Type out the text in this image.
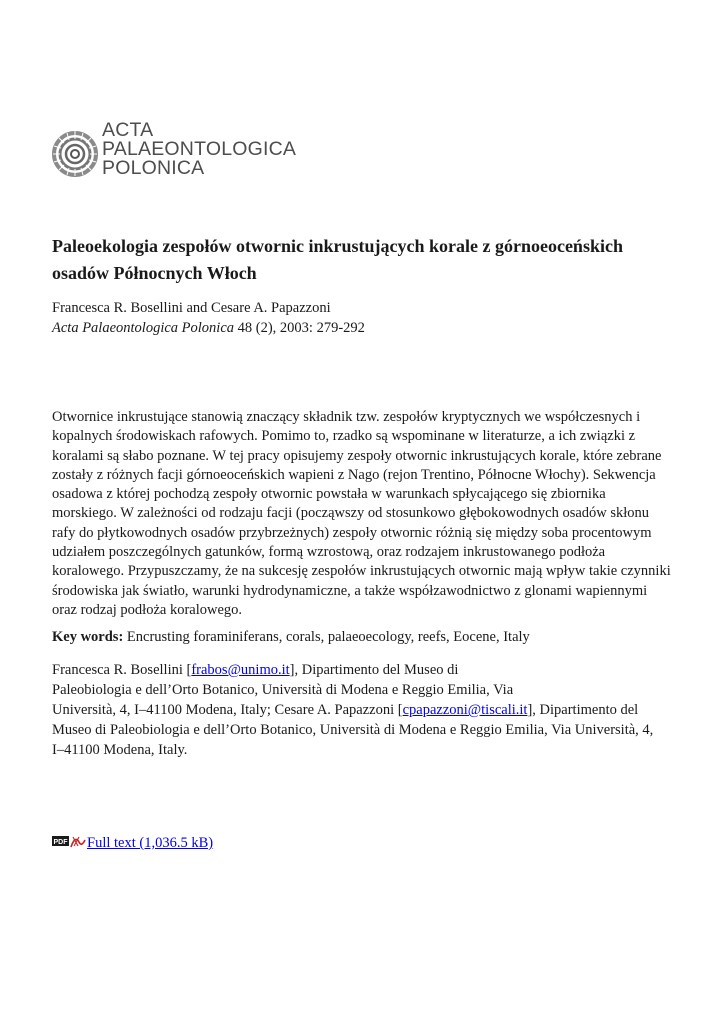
ACTA
PALAEONTOLOGICA
POLONICA
Paleoekologia zespołów otwornic inkrustujących korale z górnoeoceńskich osadów Północnych Włoch
Francesca R. Bosellini and Cesare A. Papazzoni
Acta Palaeontologica Polonica 48 (2), 2003: 279-292

Otwornice inkrustujące stanowią znaczący składnik tzw. zespołów kryptycznych we współczesnych i kopalnych środowiskach rafowych. Pomimo to, rzadko są wspominane w literaturze, a ich związki z koralami są słabo poznane. W tej pracy opisujemy zespoły otwornic inkrustujących korale, które zebrane zostały z różnych facji górnoeoceńskich wapieni z Nago (rejon Trentino, Północne Włochy). Sekwencja osadowa z której pochodzą zespoły otwornic powstała w warunkach spłycającego się zbiornika morskiego. W zależności od rodzaju facji (począwszy od stosunkowo głębokowodnych osadów skłonu rafy do płytkowodnych osadów przybrzeżnych) zespoły otwornic różnią się między soba procentowym udziałem poszczególnych gatunków, formą wzrostową, oraz rodzajem inkrustowanego podłoża koralowego. Przypuszczamy, że na sukcesję zespołów inkrustujących otwornic mają wpływ takie czynniki środowiska jak światło, warunki hydrodynamiczne, a także współzawodnictwo z glonami wapiennymi oraz rodzaj podłoża koralowego.

Key words: Encrusting foraminiferans, corals, palaeoecology, reefs, Eocene, Italy

Francesca R. Bosellini [frabos@unimo.it], Dipartimento del Museo di
Paleobiologia e dell’Orto Botanico, Università di Modena e Reggio Emilia, Via
Università, 4, I–41100 Modena, Italy; Cesare A. Papazzoni [cpapazzoni@tiscali.it], Dipartimento del
Museo di Paleobiologia e dell’Orto Botanico, Università di Modena e Reggio Emilia, Via Università, 4,
I–41100 Modena, Italy.

PDF Full text (1,036.5 kB)
